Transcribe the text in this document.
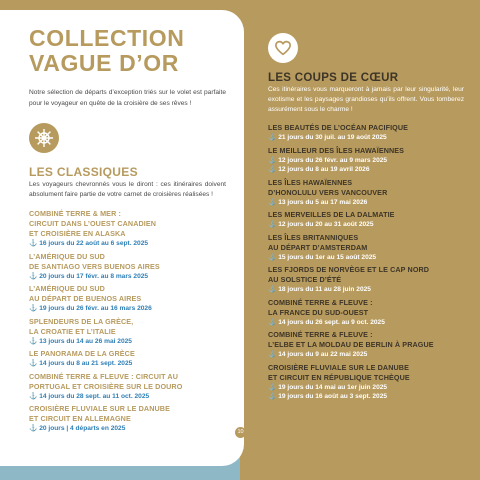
COLLECTION
VAGUE D’OR

Notre sélection de départs d’exception triés sur le volet est parfaite pour le voyageur en quête de la croisière de ses rêves !

LES CLASSIQUES

Les voyageurs chevronnés vous le diront : ces itinéraires doivent absolument faire partie de votre carnet de croisières réalisées !

COMBINÉ TERRE & MER :
CIRCUIT DANS L’OUEST CANADIEN
ET CROISIÈRE EN ALASKA
⚓ 16 jours du 22 août au 6 sept. 2025
L’AMÉRIQUE DU SUD
DE SANTIAGO VERS BUENOS AIRES
⚓ 20 jours du 17 févr. au 8 mars 2025
L’AMÉRIQUE DU SUD
AU DÉPART DE BUENOS AIRES
⚓ 19 jours du 26 févr. au 16 mars 2026
SPLENDEURS DE LA GRÈCE,
LA CROATIE ET L’ITALIE
⚓ 13 jours du 14 au 26 mai 2025
LE PANORAMA DE LA GRÈCE
⚓ 14 jours du 8 au 21 sept. 2025
COMBINÉ TERRE & FLEUVE : CIRCUIT AU
PORTUGAL ET CROISIÈRE SUR LE DOURO
⚓ 14 jours du 28 sept. au 11 oct. 2025
CROISIÈRE FLUVIALE SUR LE DANUBE
ET CIRCUIT EN ALLEMAGNE
⚓ 20 jours | 4 départs en 2025	10
LES COUPS DE CŒUR

Ces itinéraires vous marqueront à jamais par leur singularité, leur exotisme et les paysages grandioses qu’ils offrent. Vous tomberez assurément sous le charme !

LES BEAUTÉS DE L’OCÉAN PACIFIQUE
⚓ 21 jours du 30 juil. au 19 août 2025
LE MEILLEUR DES ÎLES HAWAÏENNES
⚓ 12 jours du 26 févr. au 9 mars 2025
⚓ 12 jours du 8 au 19 avril 2026
LES ÎLES HAWAÏENNES
D’HONOLULU VERS VANCOUVER
⚓ 13 jours du 5 au 17 mai 2026
LES MERVEILLES DE LA DALMATIE
⚓ 12 jours du 20 au 31 août 2025
LES ÎLES BRITANNIQUES
AU DÉPART D’AMSTERDAM
⚓ 15 jours du 1er au 15 août 2025
LES FJORDS DE NORVÈGE ET LE CAP NORD
AU SOLSTICE D’ÉTÉ
⚓ 18 jours du 11 au 28 juin 2025
COMBINÉ TERRE & FLEUVE :
LA FRANCE DU SUD-OUEST
⚓ 14 jours du 26 sept. au 9 oct. 2025
COMBINÉ TERRE & FLEUVE :
L’ELBE ET LA MOLDAU DE BERLIN À PRAGUE
⚓ 14 jours du 9 au 22 mai 2025
CROISIÈRE FLUVIALE SUR LE DANUBE
ET CIRCUIT EN RÉPUBLIQUE TCHÈQUE
⚓ 19 jours du 14 mai au 1er juin 2025
⚓ 19 jours du 16 août au 3 sept. 2025
